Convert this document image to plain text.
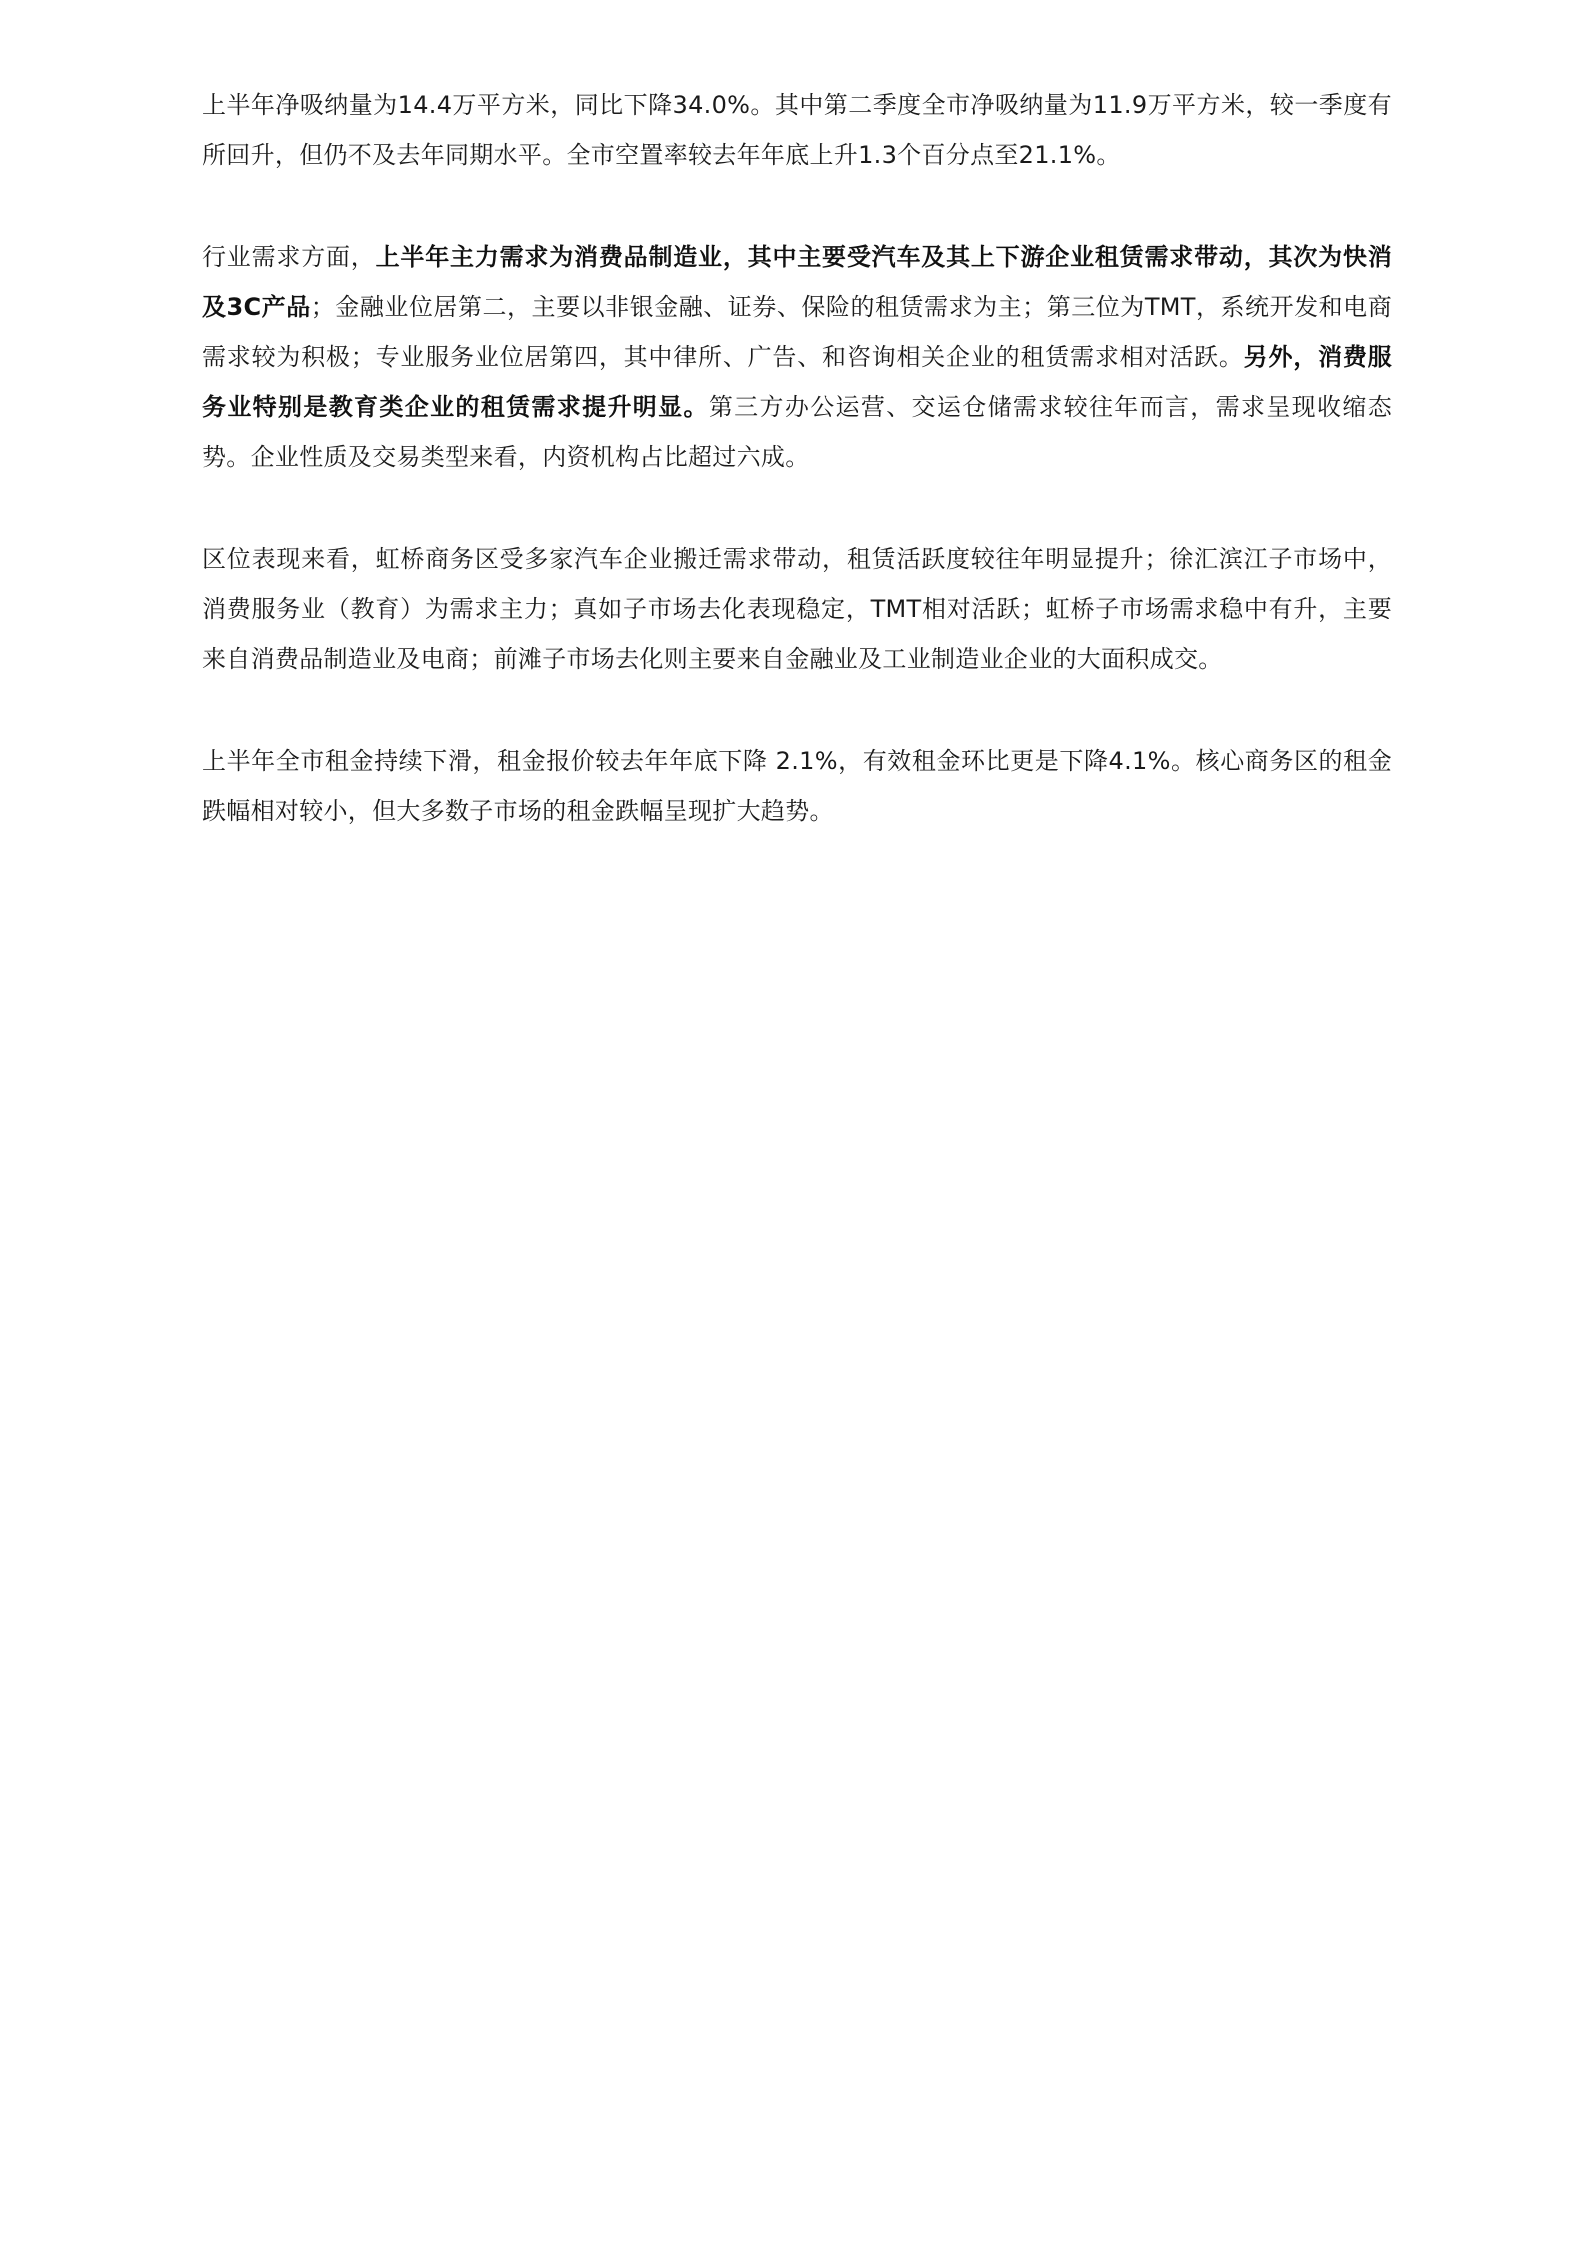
上半年净吸纳量为14.4万平方米，同比下降34.0%。其中第二季度全市净吸纳量为11.9万平方米，较一季度有所回升，但仍不及去年同期水平。全市空置率较去年年底上升1.3个百分点至21.1%。

行业需求方面，上半年主力需求为消费品制造业，其中主要受汽车及其上下游企业租赁需求带动，其次为快消及3C产品；金融业位居第二，主要以非银金融、证券、保险的租赁需求为主；第三位为TMT，系统开发和电商需求较为积极；专业服务业位居第四，其中律所、广告、和咨询相关企业的租赁需求相对活跃。另外，消费服务业特别是教育类企业的租赁需求提升明显。第三方办公运营、交运仓储需求较往年而言，需求呈现收缩态势。企业性质及交易类型来看，内资机构占比超过六成。

区位表现来看，虹桥商务区受多家汽车企业搬迁需求带动，租赁活跃度较往年明显提升；徐汇滨江子市场中，消费服务业（教育）为需求主力；真如子市场去化表现稳定，TMT相对活跃；虹桥子市场需求稳中有升，主要来自消费品制造业及电商；前滩子市场去化则主要来自金融业及工业制造业企业的大面积成交。

上半年全市租金持续下滑，租金报价较去年年底下降 2.1%，有效租金环比更是下降4.1%。核心商务区的租金跌幅相对较小，但大多数子市场的租金跌幅呈现扩大趋势。
